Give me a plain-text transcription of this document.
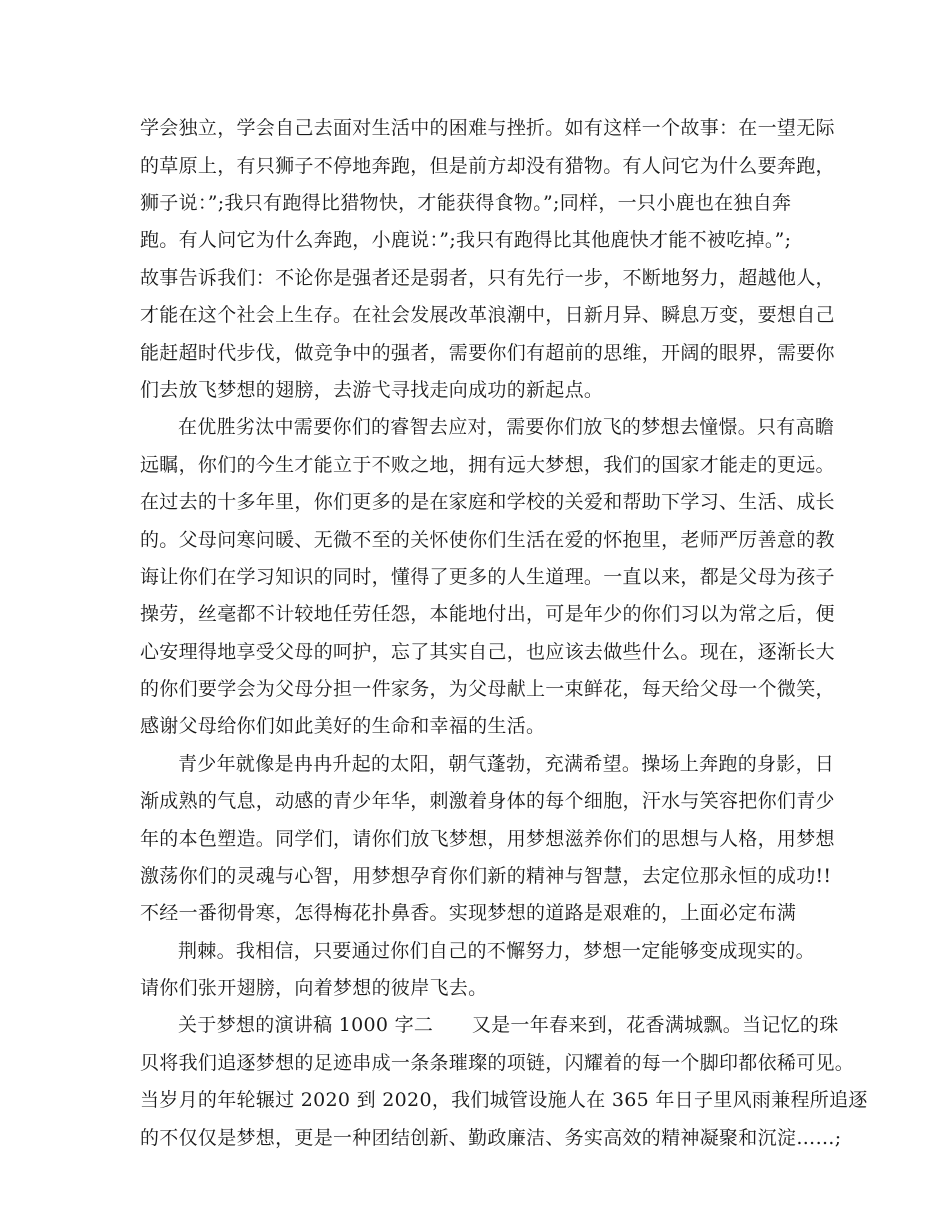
学会独立，学会自己去面对生活中的困难与挫折。如有这样一个故事：在一望无际
的草原上，有只狮子不停地奔跑，但是前方却没有猎物。有人问它为什么要奔跑，
狮子说：”;我只有跑得比猎物快，才能获得食物。”;同样，一只小鹿也在独自奔
跑。有人问它为什么奔跑，小鹿说：”;我只有跑得比其他鹿快才能不被吃掉。”;
故事告诉我们：不论你是强者还是弱者，只有先行一步，不断地努力，超越他人，
才能在这个社会上生存。在社会发展改革浪潮中，日新月异、瞬息万变，要想自己
能赶超时代步伐，做竞争中的强者，需要你们有超前的思维，开阔的眼界，需要你
们去放飞梦想的翅膀，去游弋寻找走向成功的新起点。
在优胜劣汰中需要你们的睿智去应对，需要你们放飞的梦想去憧憬。只有高瞻
远瞩，你们的今生才能立于不败之地，拥有远大梦想，我们的国家才能走的更远。
在过去的十多年里，你们更多的是在家庭和学校的关爱和帮助下学习、生活、成长
的。父母问寒问暖、无微不至的关怀使你们生活在爱的怀抱里，老师严厉善意的教
诲让你们在学习知识的同时，懂得了更多的人生道理。一直以来，都是父母为孩子
操劳，丝毫都不计较地任劳任怨，本能地付出，可是年少的你们习以为常之后，便
心安理得地享受父母的呵护，忘了其实自己，也应该去做些什么。现在，逐渐长大
的你们要学会为父母分担一件家务，为父母献上一束鲜花，每天给父母一个微笑，
感谢父母给你们如此美好的生命和幸福的生活。
青少年就像是冉冉升起的太阳，朝气蓬勃，充满希望。操场上奔跑的身影，日
渐成熟的气息，动感的青少年华，刺激着身体的每个细胞，汗水与笑容把你们青少
年的本色塑造。同学们，请你们放飞梦想，用梦想滋养你们的思想与人格，用梦想
激荡你们的灵魂与心智，用梦想孕育你们新的精神与智慧，去定位那永恒的成功!!
不经一番彻骨寒，怎得梅花扑鼻香。实现梦想的道路是艰难的，上面必定布满
荆棘。我相信，只要通过你们自己的不懈努力，梦想一定能够变成现实的。
请你们张开翅膀，向着梦想的彼岸飞去。
关于梦想的演讲稿 1000 字二　　又是一年春来到，花香满城飘。当记忆的珠
贝将我们追逐梦想的足迹串成一条条璀璨的项链，闪耀着的每一个脚印都依稀可见。
当岁月的年轮辗过 2020 到 2020，我们城管设施人在 365 年日子里风雨兼程所追逐
的不仅仅是梦想，更是一种团结创新、勤政廉洁、务实高效的精神凝聚和沉淀……;
